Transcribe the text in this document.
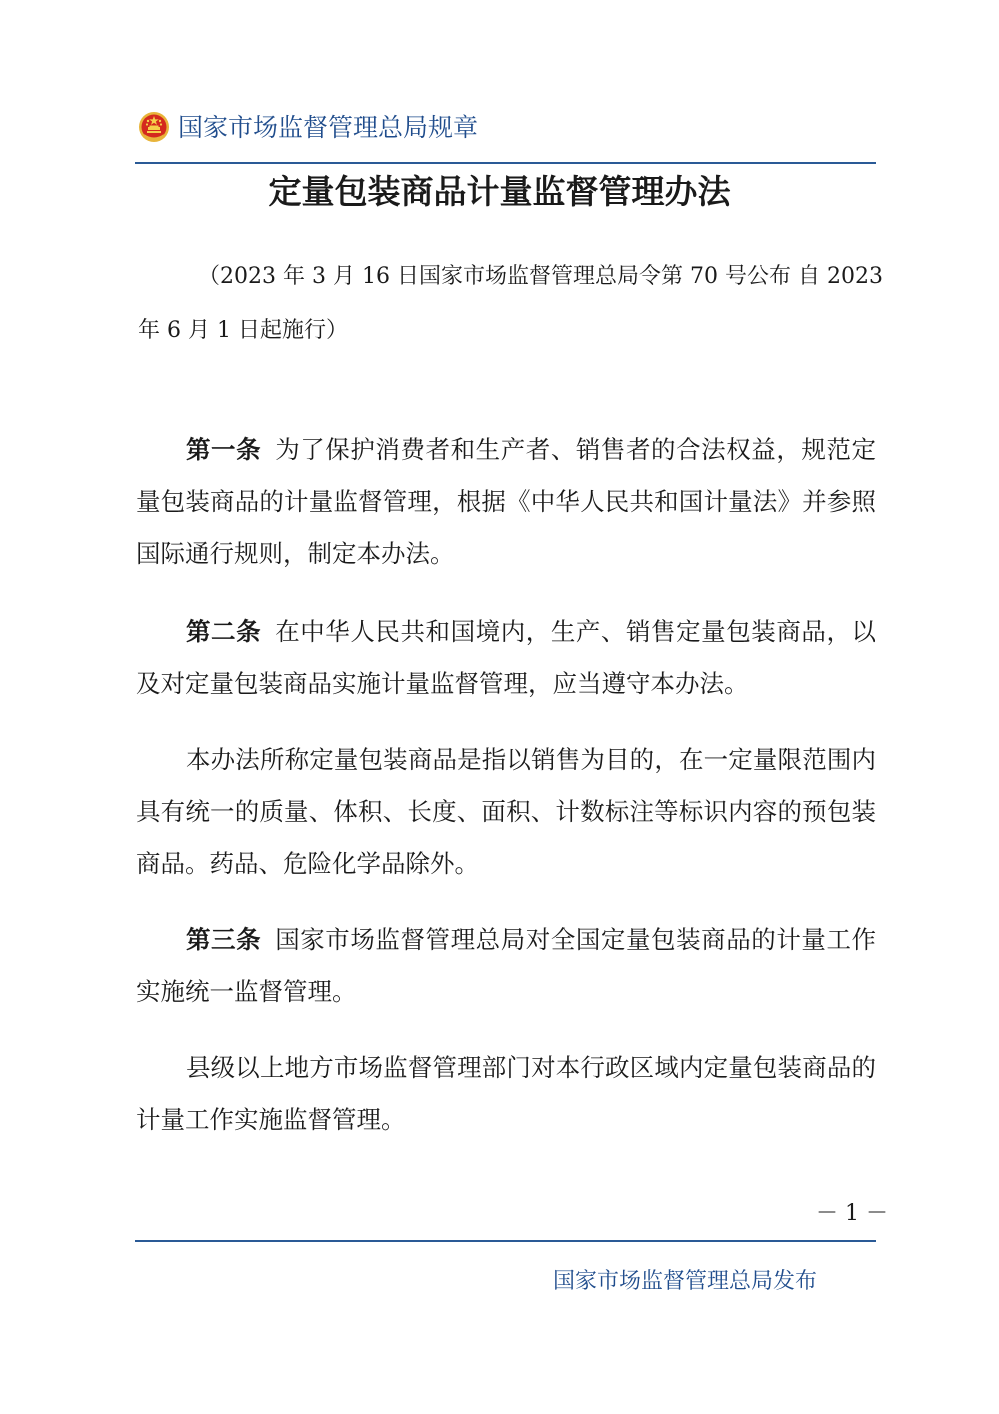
国家市场监督管理总局规章
定量包装商品计量监督管理办法
（2023 年 3 月 16 日国家市场监督管理总局令第 70 号公布 自 2023 年 6 月 1 日起施行）
第一条 为了保护消费者和生产者、销售者的合法权益，规范定量包装商品的计量监督管理，根据《中华人民共和国计量法》并参照国际通行规则，制定本办法。
第二条 在中华人民共和国境内，生产、销售定量包装商品，以及对定量包装商品实施计量监督管理，应当遵守本办法。
本办法所称定量包装商品是指以销售为目的，在一定量限范围内具有统一的质量、体积、长度、面积、计数标注等标识内容的预包装商品。药品、危险化学品除外。
第三条 国家市场监督管理总局对全国定量包装商品的计量工作实施统一监督管理。
县级以上地方市场监督管理部门对本行政区域内定量包装商品的计量工作实施监督管理。
－ 1 －
国家市场监督管理总局发布
